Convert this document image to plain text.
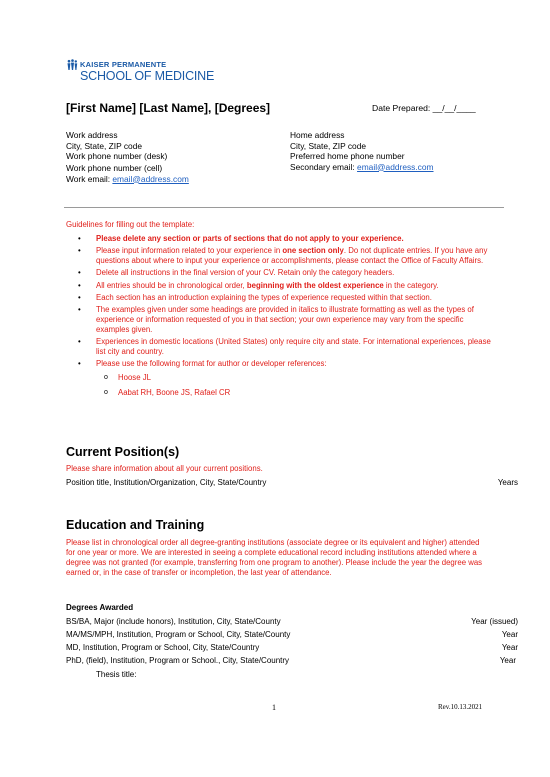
KAISER PERMANENTE
SCHOOL OF MEDICINE
[First Name] [Last Name], [Degrees]	Date Prepared: __/__/____
Work address
City, State, ZIP code
Work phone number (desk)
Work phone number (cell)
Work email: email@address.com
Home address
City, State, ZIP code
Preferred home phone number
Secondary email: email@address.com
Guidelines for filling out the template:
• Please delete any section or parts of sections that do not apply to your experience.
• Please input information related to your experience in one section only. Do not duplicate entries. If you have any questions about where to input your experience or accomplishments, please contact the Office of Faculty Affairs.
• Delete all instructions in the final version of your CV. Retain only the category headers.
• All entries should be in chronological order, beginning with the oldest experience in the category.
• Each section has an introduction explaining the types of experience requested within that section.
• The examples given under some headings are provided in italics to illustrate formatting as well as the types of experience or information requested of you in that section; your own experience may vary from the specific examples given.
• Experiences in domestic locations (United States) only require city and state. For international experiences, please list city and country.
• Please use the following format for author or developer references:
o Hoose JL
o Aabat RH, Boone JS, Rafael CR
Current Position(s)
Please share information about all your current positions.
Position title, Institution/Organization, City, State/Country	Years
Education and Training
Please list in chronological order all degree-granting institutions (associate degree or its equivalent and higher) attended for one year or more. We are interested in seeing a complete educational record including institutions attended where a degree was not granted (for example, transferring from one program to another). Please include the year the degree was earned or, in the case of transfer or incompletion, the last year of attendance.
Degrees Awarded
BS/BA, Major (include honors), Institution, City, State/County	Year (issued)
MA/MS/MPH, Institution, Program or School, City, State/County	Year
MD, Institution, Program or School, City, State/Country	Year
PhD, (field), Institution, Program or School., City, State/Country	Year
Thesis title:
1	Rev.10.13.2021
